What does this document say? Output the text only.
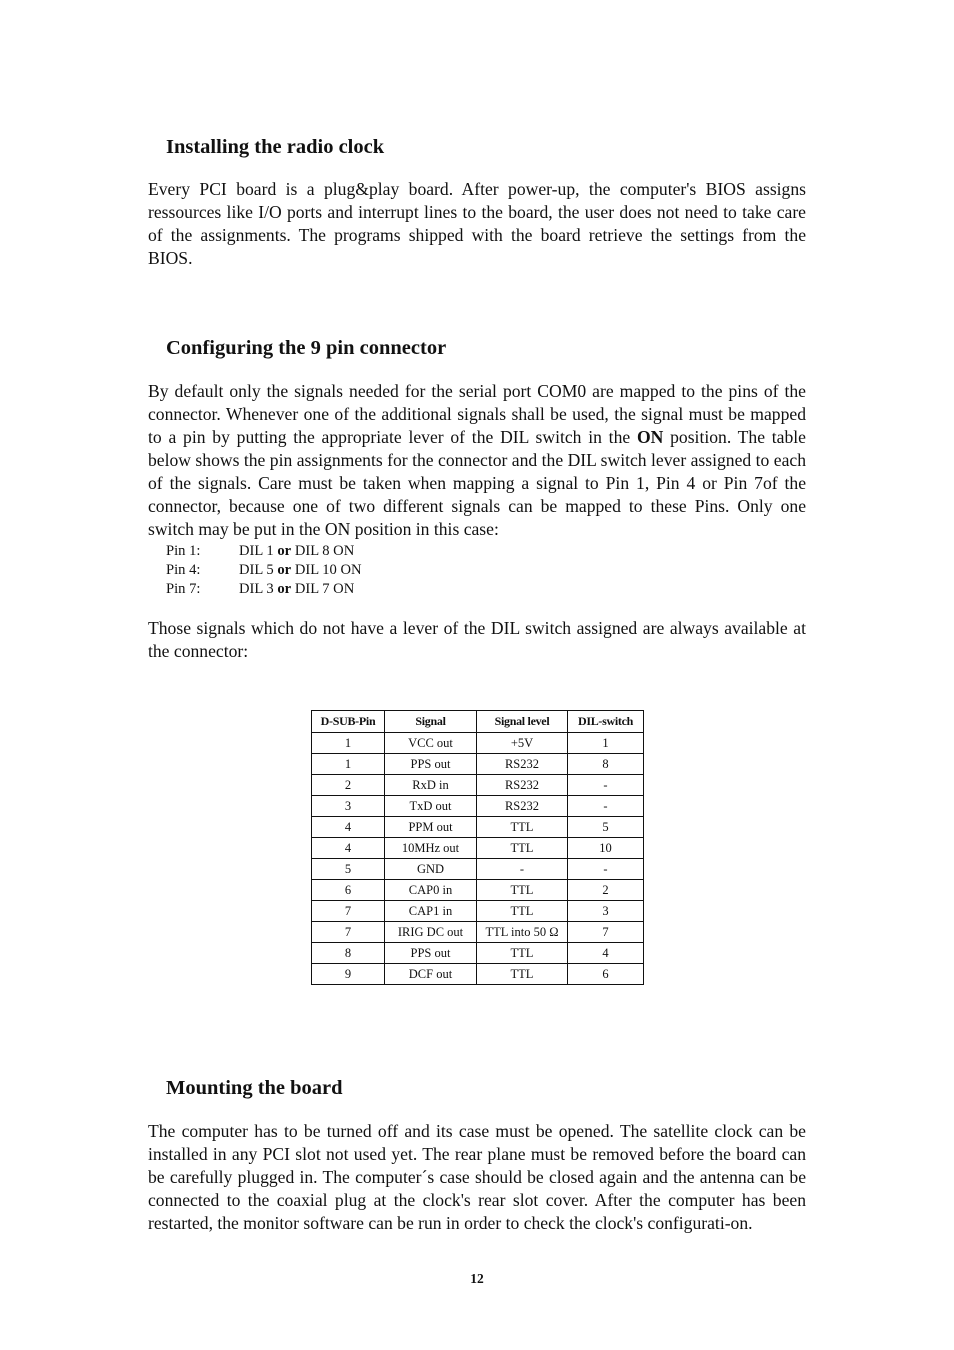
Installing the radio clock

Every PCI board is a plug&play board. After power-up, the computer's BIOS assigns ressources like I/O ports and interrupt lines to the board, the user does not need to take care of the assignments. The programs shipped with the board retrieve the settings from the BIOS.

Configuring the 9 pin connector

By default only the signals needed for the serial port COM0 are mapped to the pins of the connector. Whenever one of the additional signals shall be used, the signal must be mapped to a pin by putting the appropriate lever of the DIL switch in the ON position. The table below shows the pin assignments for the connector and the DIL switch lever assigned to each of the signals. Care must be taken when mapping a signal to Pin 1, Pin 4 or Pin 7of the connector, because one of two different signals can be mapped to these Pins. Only one switch may be put in the ON position in this case:

Pin 1:	DIL 1 or DIL 8 ON
Pin 4:	DIL 5 or DIL 10 ON
Pin 7:	DIL 3 or DIL 7 ON

Those signals which do not have a lever of the DIL switch assigned are always available at the connector:

D-SUB-Pin	Signal	Signal level	DIL-switch
1	VCC out	+5V	1
1	PPS out	RS232	8
2	RxD in	RS232	-
3	TxD out	RS232	-
4	PPM out	TTL	5
4	10MHz out	TTL	10
5	GND	-	-
6	CAP0 in	TTL	2
7	CAP1 in	TTL	3
7	IRIG DC out	TTL into 50 Ω	7
8	PPS out	TTL	4
9	DCF out	TTL	6
Mounting the board

The computer has to be turned off and its case must be opened. The satellite clock can be installed in any PCI slot not used yet. The rear plane must be removed before the board can be carefully plugged in. The computer´s case should be closed again and the antenna can be connected to the coaxial plug at the clock's rear slot cover. After the computer has been restarted, the monitor software can be run in order to check the clock's configurati-on.

12
